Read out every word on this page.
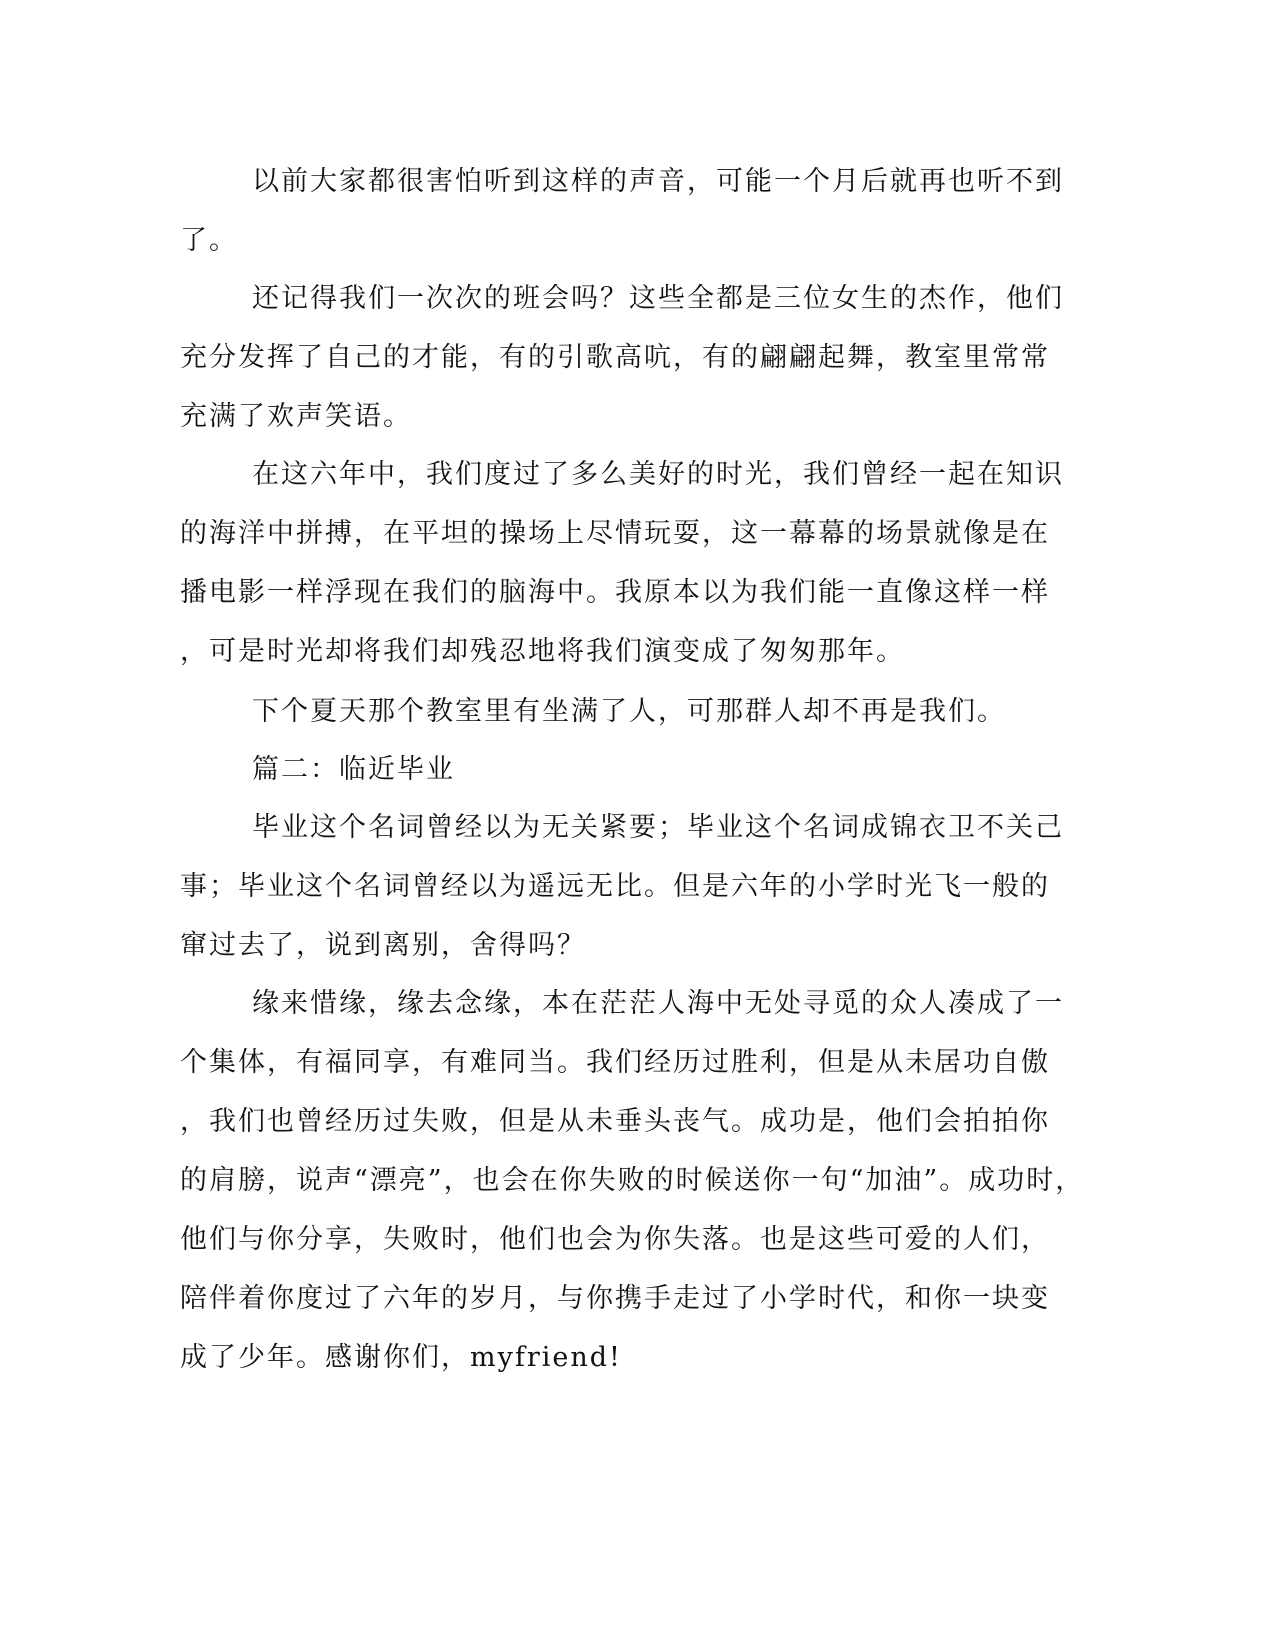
以前大家都很害怕听到这样的声音，可能一个月后就再也听不到

了。

还记得我们一次次的班会吗？这些全都是三位女生的杰作，他们

充分发挥了自己的才能，有的引歌高吭，有的翩翩起舞，教室里常常

充满了欢声笑语。

在这六年中，我们度过了多么美好的时光，我们曾经一起在知识

的海洋中拼搏，在平坦的操场上尽情玩耍，这一幕幕的场景就像是在

播电影一样浮现在我们的脑海中。我原本以为我们能一直像这样一样

，可是时光却将我们却残忍地将我们演变成了匆匆那年。

下个夏天那个教室里有坐满了人，可那群人却不再是我们。

篇二：临近毕业

毕业这个名词曾经以为无关紧要；毕业这个名词成锦衣卫不关己

事；毕业这个名词曾经以为遥远无比。但是六年的小学时光飞一般的

窜过去了，说到离别，舍得吗？

缘来惜缘，缘去念缘，本在茫茫人海中无处寻觅的众人凑成了一

个集体，有福同享，有难同当。我们经历过胜利，但是从未居功自傲

，我们也曾经历过失败，但是从未垂头丧气。成功是，他们会拍拍你

的肩膀，说声“漂亮”，也会在你失败的时候送你一句“加油”。成功时，

他们与你分享，失败时，他们也会为你失落。也是这些可爱的人们，

陪伴着你度过了六年的岁月，与你携手走过了小学时代，和你一块变

成了少年。感谢你们，myfriend!
